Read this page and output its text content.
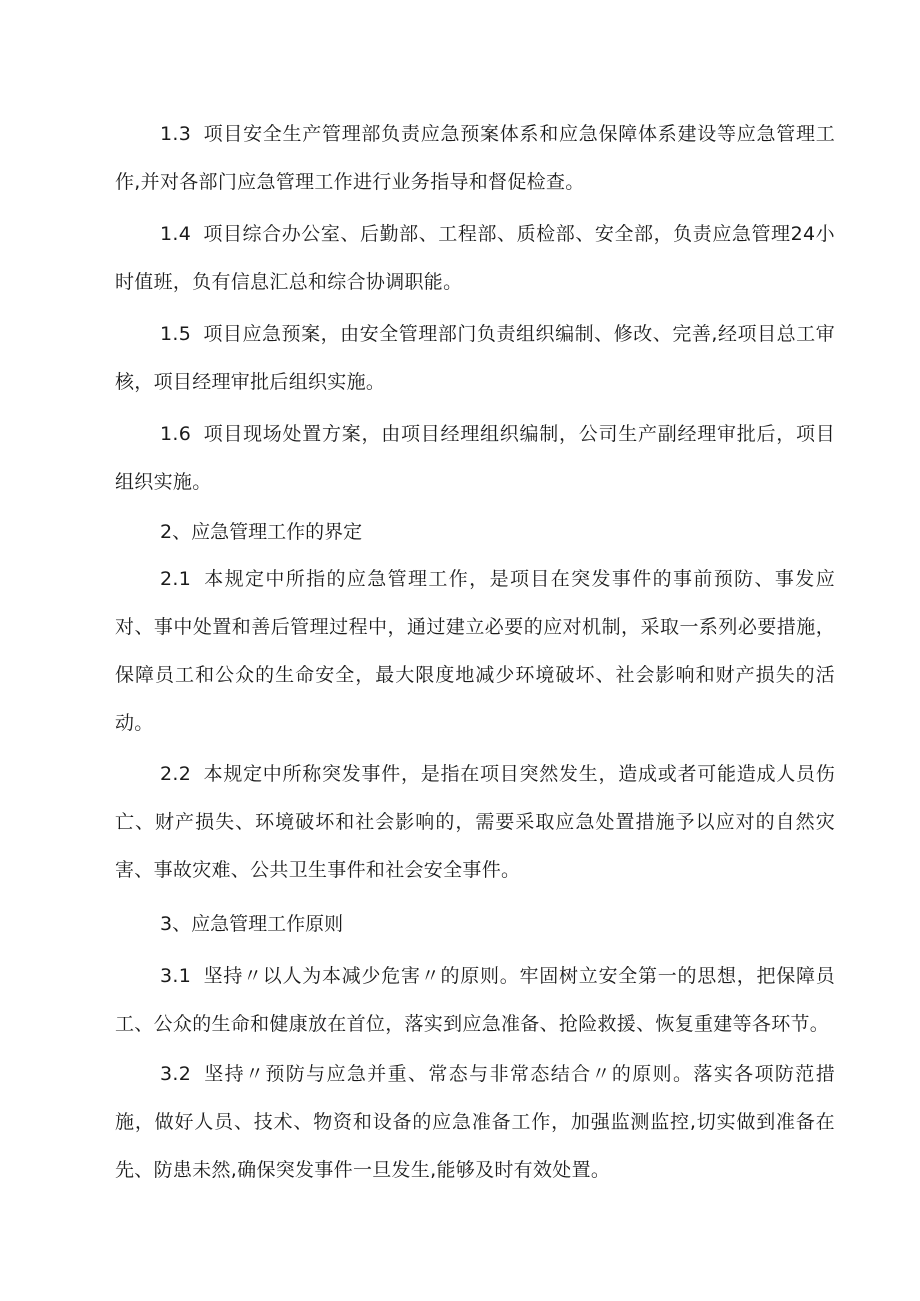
1.3 项目安全生产管理部负责应急预案体系和应急保障体系建设等应急管理工作,并对各部门应急管理工作进行业务指导和督促检查。

1.4 项目综合办公室、后勤部、工程部、质检部、安全部，负责应急管理24小时值班，负有信息汇总和综合协调职能。

1.5 项目应急预案，由安全管理部门负责组织编制、修改、完善,经项目总工审核，项目经理审批后组织实施。

1.6 项目现场处置方案，由项目经理组织编制，公司生产副经理审批后，项目组织实施。

2、应急管理工作的界定

2.1 本规定中所指的应急管理工作，是项目在突发事件的事前预防、事发应对、事中处置和善后管理过程中，通过建立必要的应对机制，采取一系列必要措施，保障员工和公众的生命安全，最大限度地减少环境破坏、社会影响和财产损失的活动。

2.2 本规定中所称突发事件，是指在项目突然发生，造成或者可能造成人员伤亡、财产损失、环境破坏和社会影响的，需要采取应急处置措施予以应对的自然灾害、事故灾难、公共卫生事件和社会安全事件。

3、应急管理工作原则

3.1 坚持〃以人为本减少危害〃的原则。牢固树立安全第一的思想，把保障员工、公众的生命和健康放在首位，落实到应急准备、抢险救援、恢复重建等各环节。

3.2 坚持〃预防与应急并重、常态与非常态结合〃的原则。落实各项防范措施，做好人员、技术、物资和设备的应急准备工作，加强监测监控,切实做到准备在先、防患未然,确保突发事件一旦发生,能够及时有效处置。
